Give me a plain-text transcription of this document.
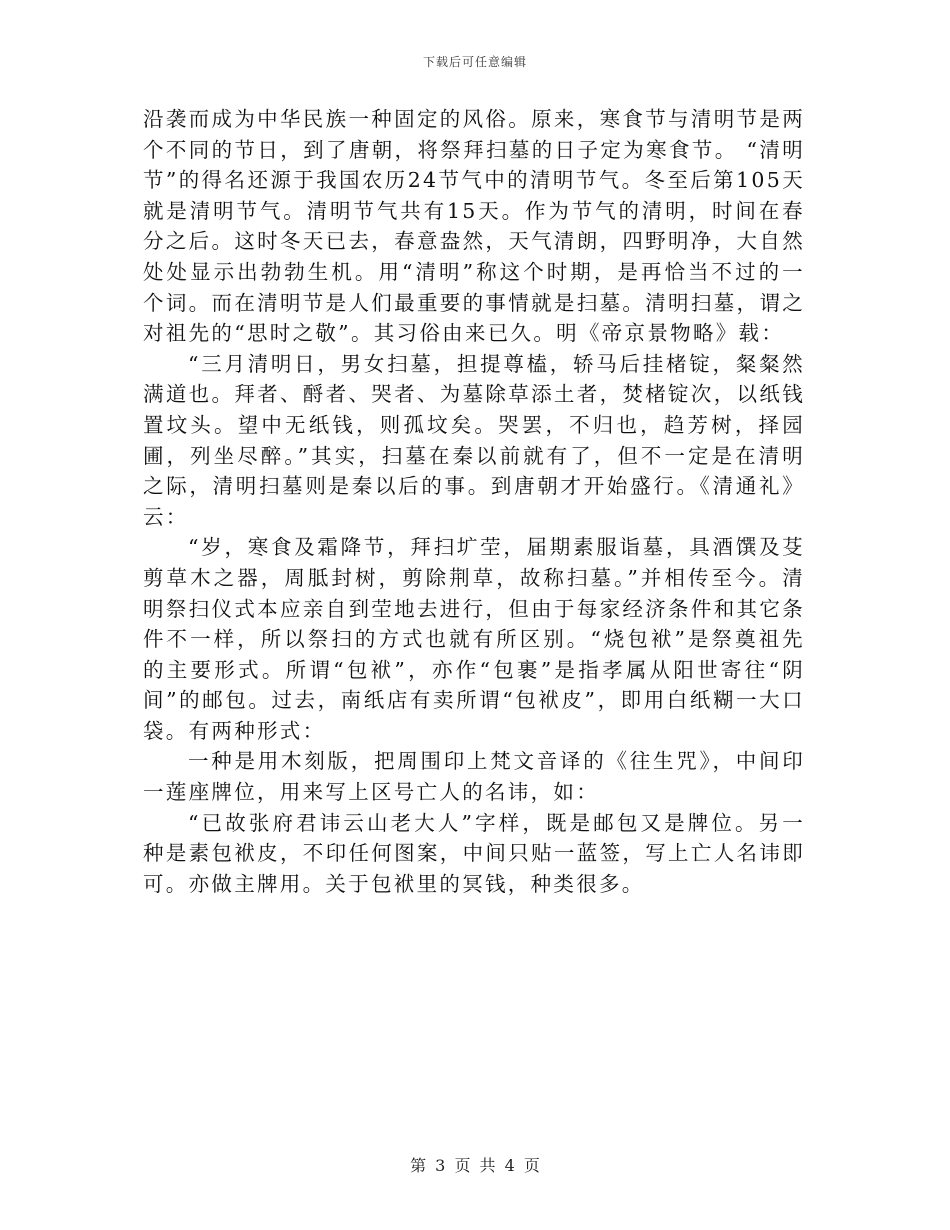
下载后可任意编辑

沿袭而成为中华民族一种固定的风俗。原来，寒食节与清明节是两个不同的节日，到了唐朝，将祭拜扫墓的日子定为寒食节。 “清明节”的得名还源于我国农历24节气中的清明节气。冬至后第105天就是清明节气。清明节气共有15天。作为节气的清明，时间在春分之后。这时冬天已去，春意盎然，天气清朗，四野明净，大自然处处显示出勃勃生机。用“清明”称这个时期，是再恰当不过的一个词。而在清明节是人们最重要的事情就是扫墓。清明扫墓，谓之对祖先的“思时之敬”。其习俗由来已久。明《帝京景物略》载：

“三月清明日，男女扫墓，担提尊榼，轿马后挂楮锭，粲粲然满道也。拜者、酹者、哭者、为墓除草添土者，焚楮锭次，以纸钱置坟头。望中无纸钱，则孤坟矣。哭罢，不归也，趋芳树，择园圃，列坐尽醉。”其实，扫墓在秦以前就有了，但不一定是在清明之际，清明扫墓则是秦以后的事。到唐朝才开始盛行。《清通礼》云：

“岁，寒食及霜降节，拜扫圹茔，届期素服诣墓，具酒馔及芟剪草木之器，周胝封树，剪除荆草，故称扫墓。”并相传至今。清明祭扫仪式本应亲自到茔地去进行，但由于每家经济条件和其它条件不一样，所以祭扫的方式也就有所区别。“烧包袱”是祭奠祖先的主要形式。所谓“包袱”，亦作“包裹”是指孝属从阳世寄往“阴间”的邮包。过去，南纸店有卖所谓“包袱皮”，即用白纸糊一大口袋。有两种形式：

一种是用木刻版，把周围印上梵文音译的《往生咒》，中间印一莲座牌位，用来写上区号亡人的名讳，如：

“已故张府君讳云山老大人”字样，既是邮包又是牌位。另一种是素包袱皮，不印任何图案，中间只贴一蓝签，写上亡人名讳即可。亦做主牌用。关于包袱里的冥钱，种类很多。

第 3 页 共 4 页
